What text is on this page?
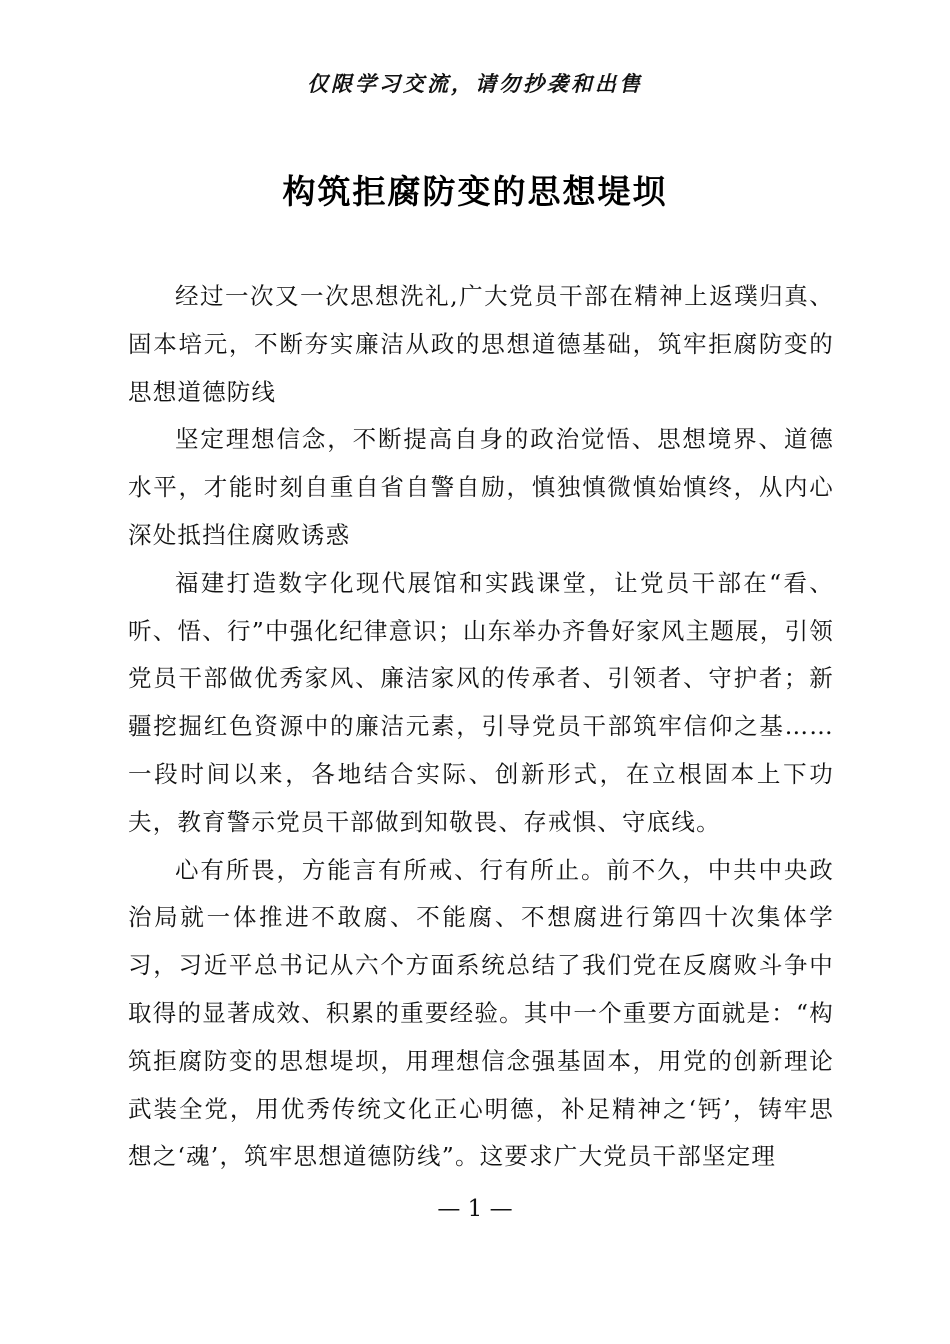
仅限学习交流，请勿抄袭和出售
构筑拒腐防变的思想堤坝

经过一次又一次思想洗礼,广大党员干部在精神上返璞归真、固本培元，不断夯实廉洁从政的思想道德基础，筑牢拒腐防变的思想道德防线

坚定理想信念，不断提高自身的政治觉悟、思想境界、道德水平，才能时刻自重自省自警自励，慎独慎微慎始慎终，从内心深处抵挡住腐败诱惑

福建打造数字化现代展馆和实践课堂，让党员干部在“看、听、悟、行”中强化纪律意识；山东举办齐鲁好家风主题展，引领党员干部做优秀家风、廉洁家风的传承者、引领者、守护者；新疆挖掘红色资源中的廉洁元素，引导党员干部筑牢信仰之基……一段时间以来，各地结合实际、创新形式，在立根固本上下功夫，教育警示党员干部做到知敬畏、存戒惧、守底线。

心有所畏，方能言有所戒、行有所止。前不久，中共中央政治局就一体推进不敢腐、不能腐、不想腐进行第四十次集体学习，习近平总书记从六个方面系统总结了我们党在反腐败斗争中取得的显著成效、积累的重要经验。其中一个重要方面就是：“构筑拒腐防变的思想堤坝，用理想信念强基固本，用党的创新理论武装全党，用优秀传统文化正心明德，补足精神之‘钙’，铸牢思想之‘魂’，筑牢思想道德防线”。这要求广大党员干部坚定理

— 1 —
